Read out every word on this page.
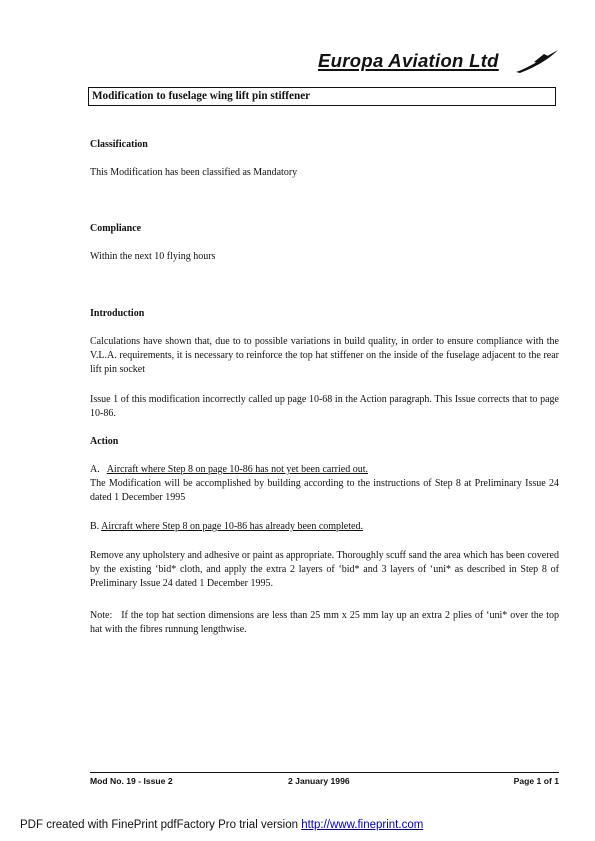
Europa Aviation Ltd
Modification to fuselage wing lift pin stiffener
Classification

This Modification has been classified as Mandatory

Compliance

Within the next 10 flying hours

Introduction

Calculations have shown that, due to to possible variations in build quality, in order to ensure compliance with the V.L.A. requirements, it is necessary to reinforce the top hat stiffener on the inside of the fuselage adjacent to the rear lift pin socket

Issue 1 of this modification incorrectly called up page 10-68 in the Action paragraph. This Issue corrects that to page 10-86.

Action
A. Aircraft where Step 8 on page 10-86 has not yet been carried out.

The Modification will be accomplished by building according to the instructions of Step 8 at Preliminary Issue 24 dated 1 December 1995

B. Aircraft where Step 8 on page 10-86 has already been completed.

Remove any upholstery and adhesive or paint as appropriate. Thoroughly scuff sand the area which has been covered by the existing ‘bid* cloth, and apply the extra 2 layers of ‘bid* and 3 layers of ‘uni* as described in Step 8 of Preliminary Issue 24 dated 1 December 1995.

Note: If the top hat section dimensions are less than 25 mm x 25 mm lay up an extra 2 plies of ‘uni* over the top hat with the fibres runnung lengthwise.

Mod No. 19 - Issue 2	2 January 1996	Page 1 of 1
PDF created with FinePrint pdfFactory Pro trial version http://www.fineprint.com
